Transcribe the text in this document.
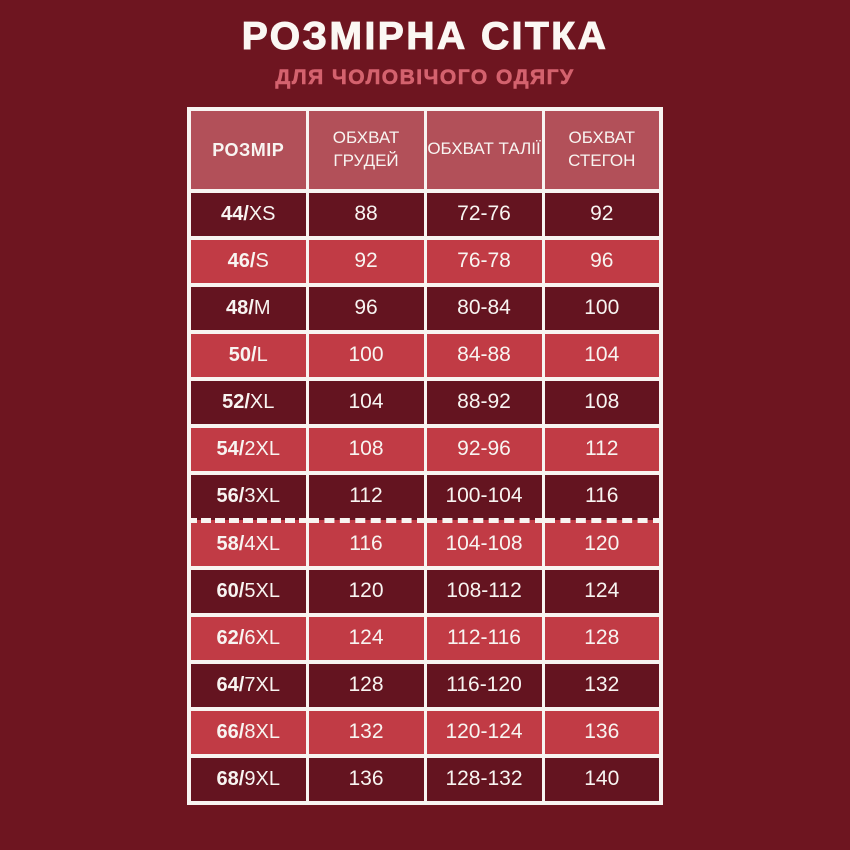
РОЗМІРНА СІТКА
ДЛЯ ЧОЛОВІЧОГО ОДЯГУ
РОЗМІР	ОБХВАТ ГРУДЕЙ	ОБХВАТ ТАЛІЇ	ОБХВАТ СТЕГОН
44/XS	88	72-76	92
46/S	92	76-78	96
48/M	96	80-84	100
50/L	100	84-88	104
52/XL	104	88-92	108
54/2XL	108	92-96	112
56/3XL	112	100-104	116
58/4XL	116	104-108	120
60/5XL	120	108-112	124
62/6XL	124	112-116	128
64/7XL	128	116-120	132
66/8XL	132	120-124	136
68/9XL	136	128-132	140
